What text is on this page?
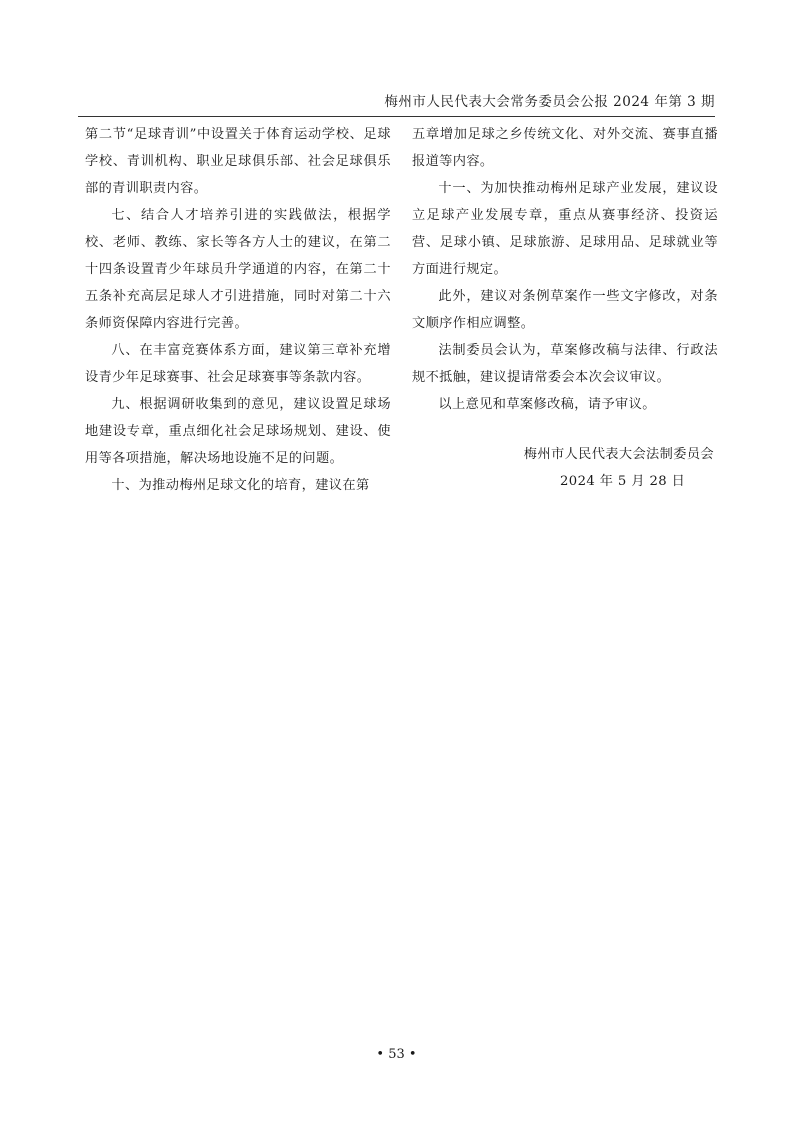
梅州市人民代表大会常务委员会公报 2024 年第 3 期

第二节“足球青训”中设置关于体育运动学校、足球学校、青训机构、职业足球俱乐部、社会足球俱乐部的青训职责内容。

七、结合人才培养引进的实践做法，根据学校、老师、教练、家长等各方人士的建议，在第二十四条设置青少年球员升学通道的内容，在第二十五条补充高层足球人才引进措施，同时对第二十六条师资保障内容进行完善。

八、在丰富竞赛体系方面，建议第三章补充增设青少年足球赛事、社会足球赛事等条款内容。

九、根据调研收集到的意见，建议设置足球场地建设专章，重点细化社会足球场规划、建设、使用等各项措施，解决场地设施不足的问题。

十、为推动梅州足球文化的培育，建议在第

五章增加足球之乡传统文化、对外交流、赛事直播报道等内容。

十一、为加快推动梅州足球产业发展，建议设立足球产业发展专章，重点从赛事经济、投资运营、足球小镇、足球旅游、足球用品、足球就业等方面进行规定。

此外，建议对条例草案作一些文字修改，对条文顺序作相应调整。

法制委员会认为，草案修改稿与法律、行政法规不抵触，建议提请常委会本次会议审议。

以上意见和草案修改稿，请予审议。

梅州市人民代表大会法制委员会
2024 年 5 月 28 日
• 53 •
